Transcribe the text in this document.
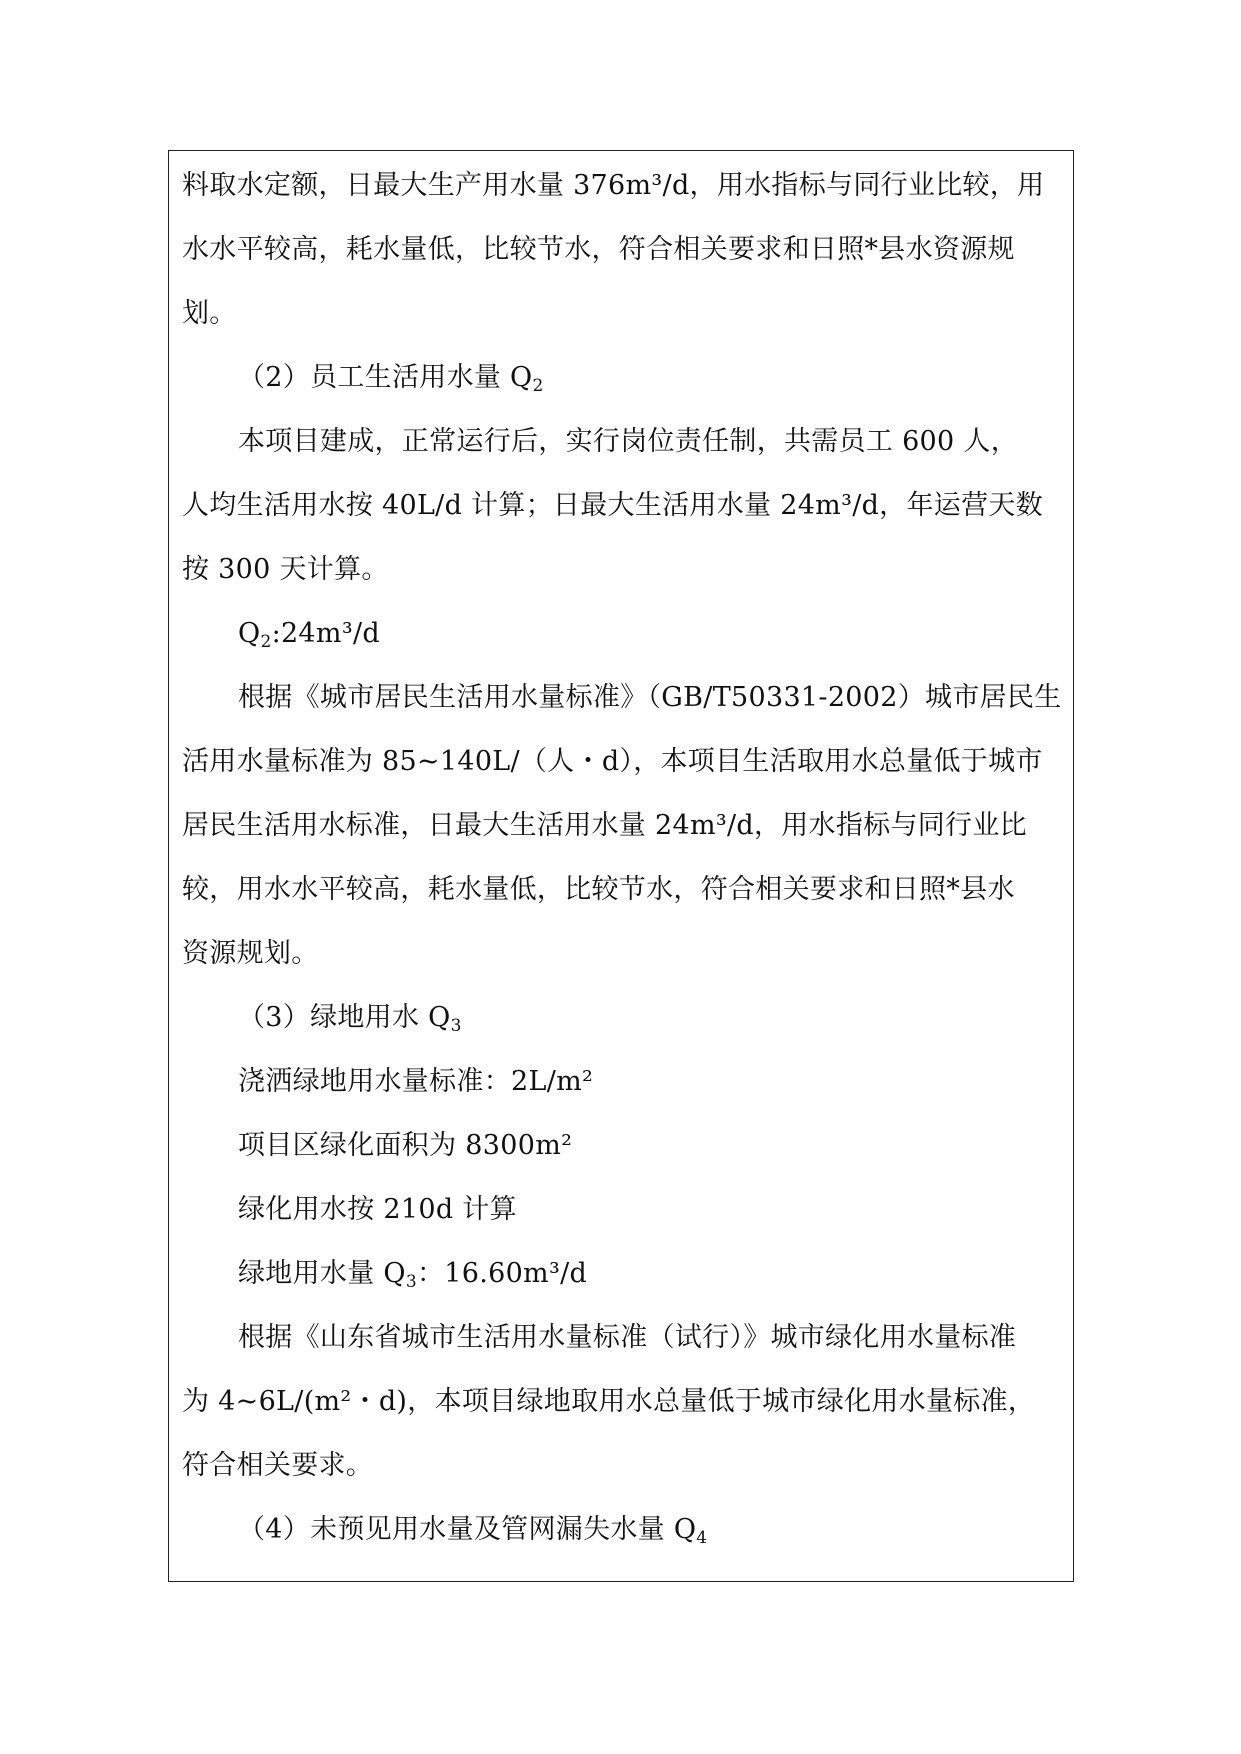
料取水定额，日最大生产用水量 376m³/d，用水指标与同行业比较，用
水水平较高，耗水量低，比较节水，符合相关要求和日照*县水资源规
划。
（2）员工生活用水量 $Q_2$
本项目建成，正常运行后，实行岗位责任制，共需员工 600 人，
人均生活用水按 40L/d 计算；日最大生活用水量 24m³/d，年运营天数
按 300 天计算。
$Q_2:24m^3/d$
根据《城市居民生活用水量标准》（GB/T50331-2002）城市居民生
活用水量标准为 85~140L/（人・d），本项目生活取用水总量低于城市
居民生活用水标准，日最大生活用水量 24m³/d，用水指标与同行业比
较，用水水平较高，耗水量低，比较节水，符合相关要求和日照*县水
资源规划。
（3）绿地用水 $Q_3$
浇洒绿地用水量标准：2L/m²
项目区绿化面积为 8300m²
绿化用水按 210d 计算
绿地用水量 $Q_3$：16.60m³/d
根据《山东省城市生活用水量标准（试行）》城市绿化用水量标准
为 4~6L/(m²・d)，本项目绿地取用水总量低于城市绿化用水量标准，
符合相关要求。
（4）未预见用水量及管网漏失水量 $Q_4$
